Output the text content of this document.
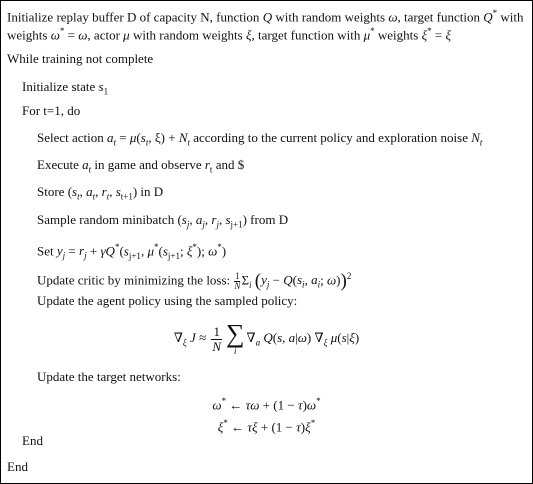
Initialize replay buffer D of capacity N, function Q with random weights ω, target function Q* with
weights ω* = ω, actor μ with random weights ξ, target function with μ* weights ξ* = ξ
While training not complete
Initialize state $s_1$
For t=1, do
Select action $a_t = \mu(s_t$, $\xi) + N_t$ according to the current policy and exploration noise $N_t$
Execute $a_t$ in game and observe $r_t$ and $
Store ($s_t$, $a_t$, $r_t$, $s_{t+1}$) in D
Sample random minibatch ($s_j$, $a_j$, $r_j$, $s_{j+1}$) from D
Set $y_j = r_j + \gamma Q^*(s_{j+1}$, $\mu^*(s_{j+1}$; ξ*); ω*)
Update critic by minimizing the loss: $\frac{1}{N} \Sigma_i$ ($y_j - Q(s_i$, $a_i$; ω))$^2$
Update the agent policy using the sampled policy:
$\nabla_\xi$ $J \approx \frac{1}{N}$ ∑
i
$\nabla_a$ Q(s, a|ω) $\nabla_\xi$ μ(s|ξ)
Update the target networks:
ω* ← τω + (1 − τ)ω*
ξ* ← τξ + (1 − τ)ξ*
End
End
